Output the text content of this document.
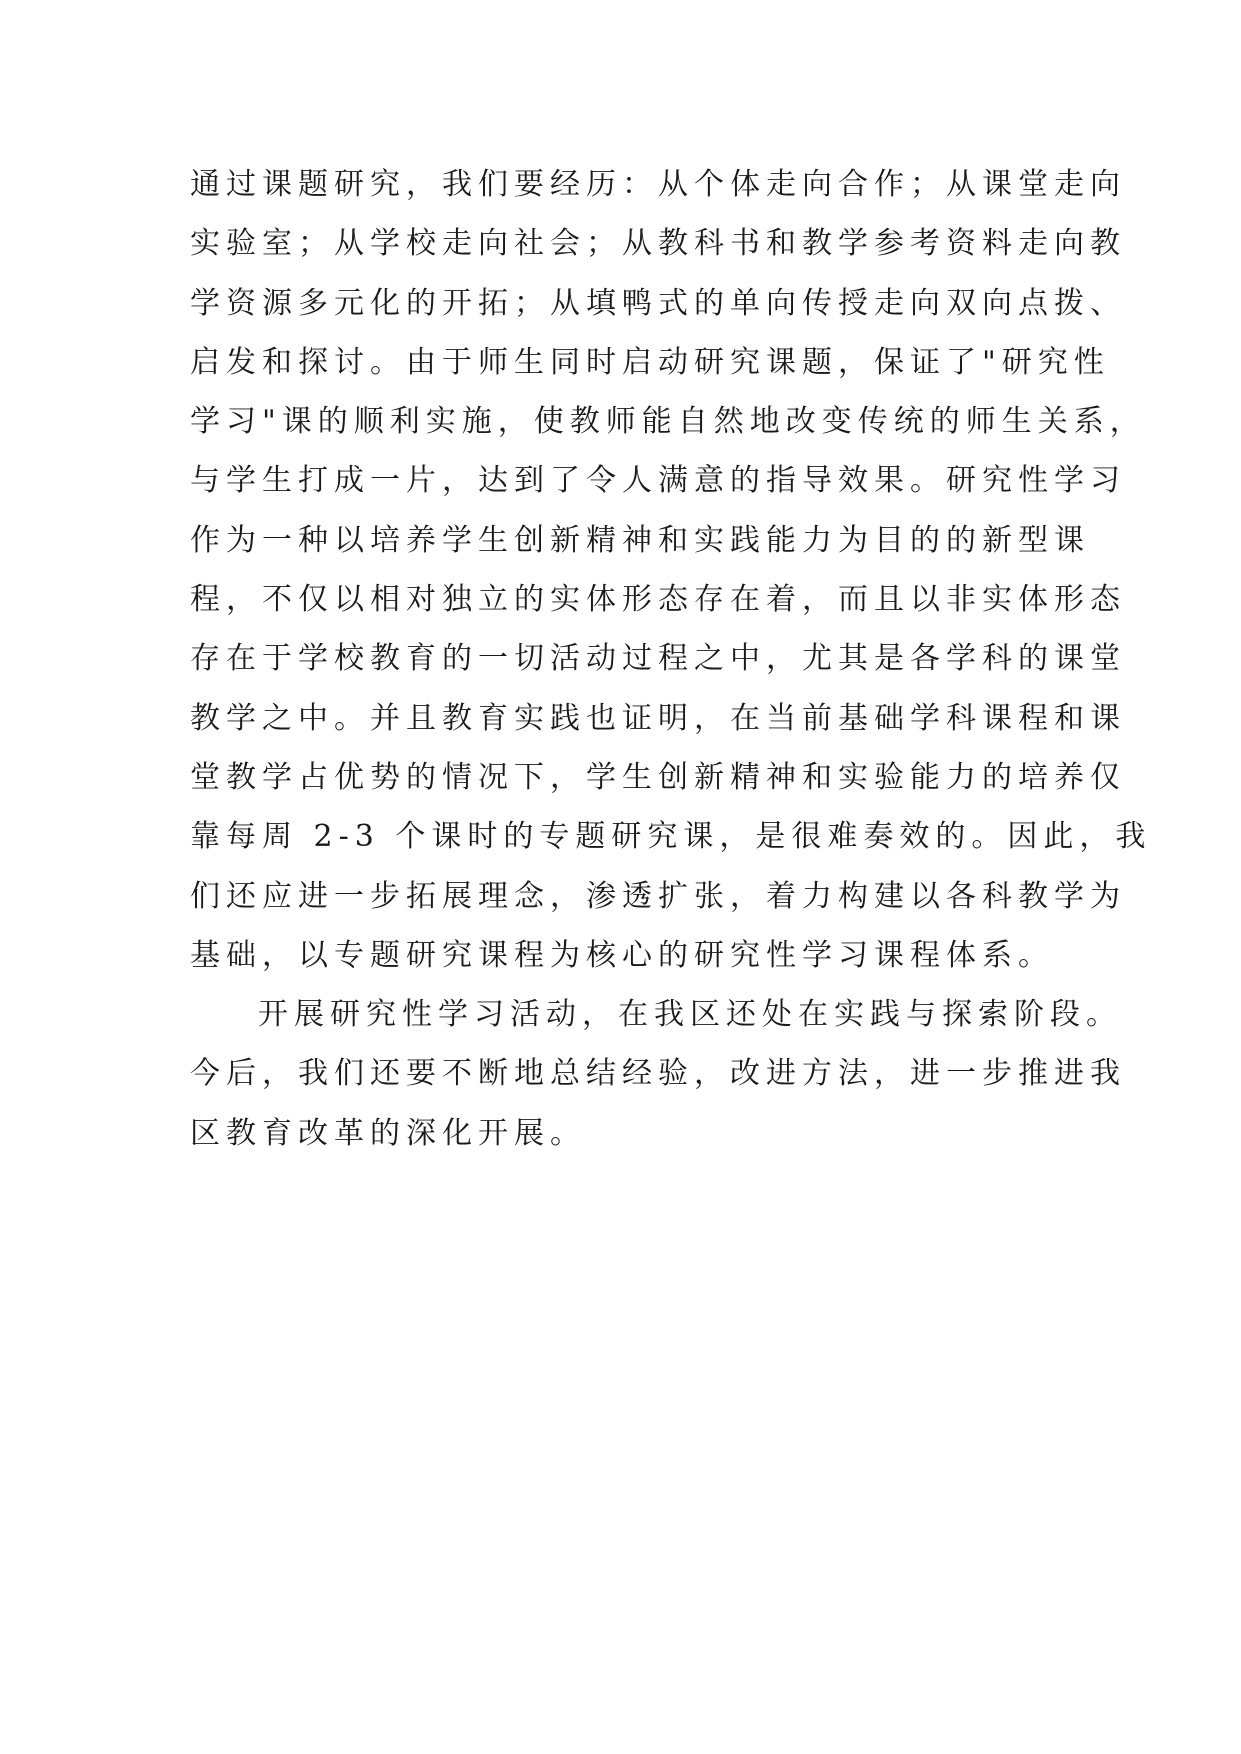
通过课题研究，我们要经历：从个体走向合作；从课堂走向
实验室；从学校走向社会；从教科书和教学参考资料走向教
学资源多元化的开拓；从填鸭式的单向传授走向双向点拨、
启发和探讨。由于师生同时启动研究课题，保证了"研究性
学习"课的顺利实施，使教师能自然地改变传统的师生关系，
与学生打成一片，达到了令人满意的指导效果。研究性学习
作为一种以培养学生创新精神和实践能力为目的的新型课
程，不仅以相对独立的实体形态存在着，而且以非实体形态
存在于学校教育的一切活动过程之中，尤其是各学科的课堂
教学之中。并且教育实践也证明，在当前基础学科课程和课
堂教学占优势的情况下，学生创新精神和实验能力的培养仅
靠每周 2-3 个课时的专题研究课，是很难奏效的。因此，我
们还应进一步拓展理念，渗透扩张，着力构建以各科教学为
基础，以专题研究课程为核心的研究性学习课程体系。
开展研究性学习活动，在我区还处在实践与探索阶段。
今后，我们还要不断地总结经验，改进方法，进一步推进我
区教育改革的深化开展。
